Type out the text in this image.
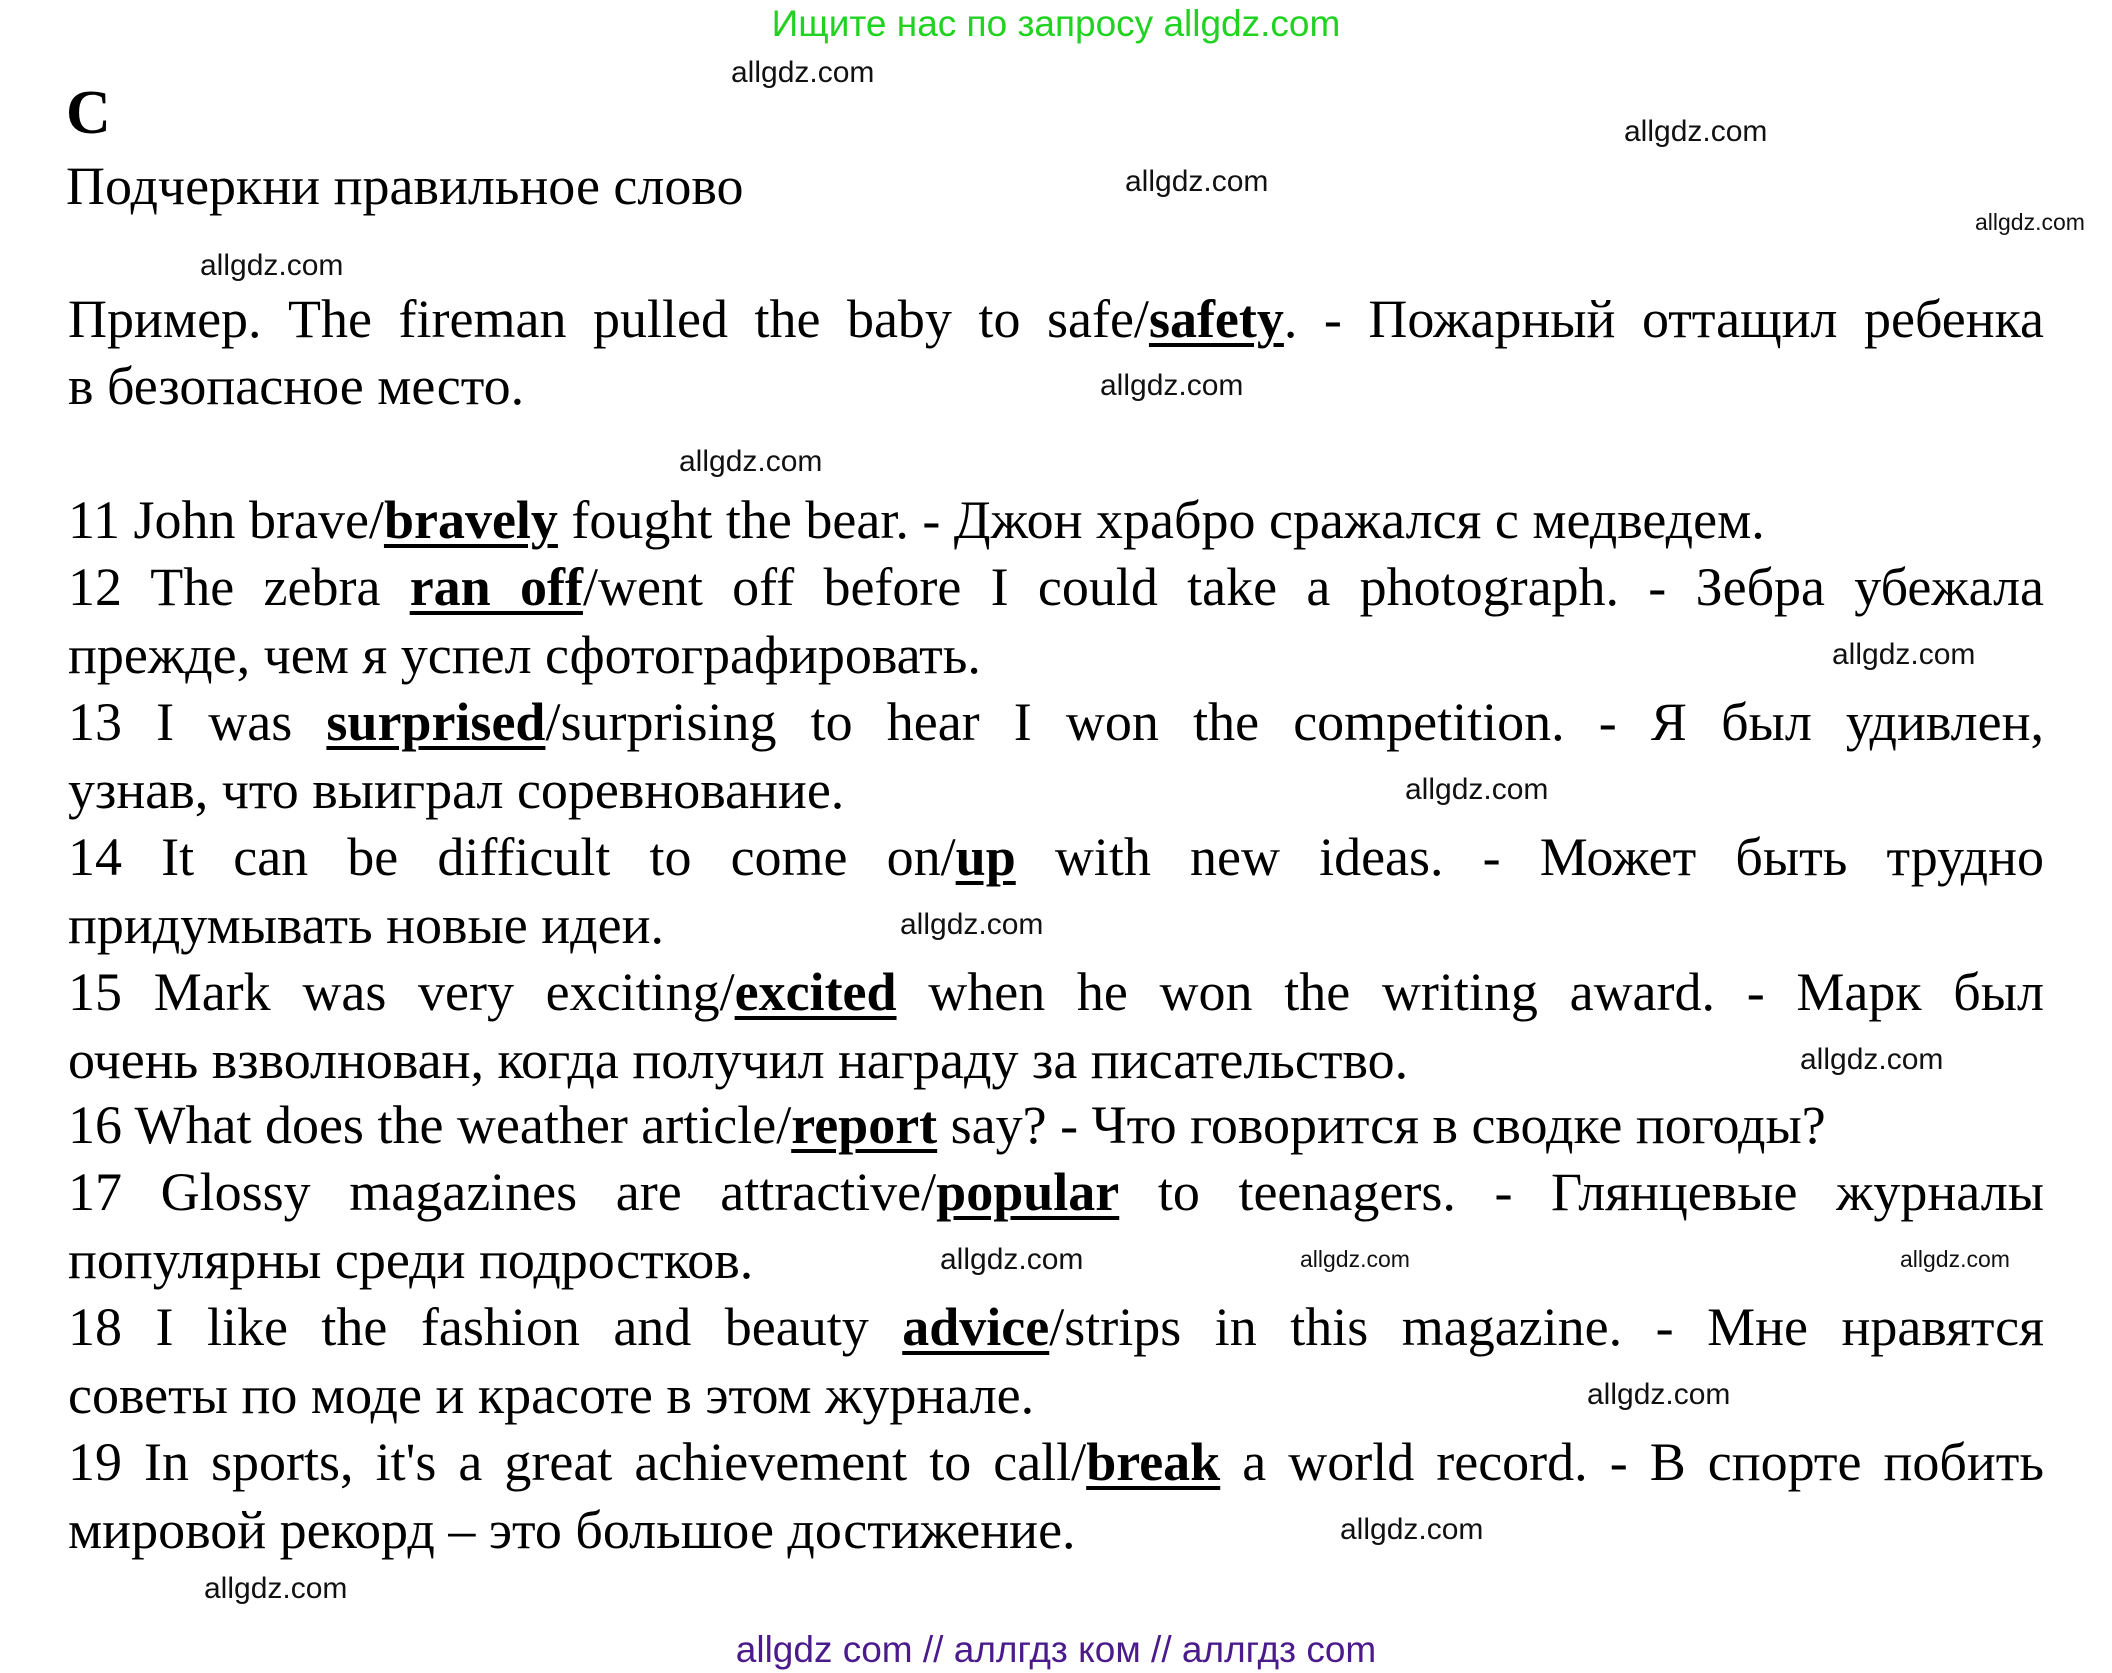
Ищите нас по запросу allgdz.com
C
Подчеркни правильное слово
Пример. The fireman pulled the baby to safe/safety. - Пожарный оттащил ребенка
в безопасное место.
11 John brave/bravely fought the bear. - Джон храбро сражался с медведем.
12 The zebra ran off/went off before I could take a photograph. - Зебра убежала
прежде, чем я успел сфотографировать.
13 I was surprised/surprising to hear I won the competition. - Я был удивлен,
узнав, что выиграл соревнование.
14 It can be difficult to come on/up with new ideas. - Может быть трудно
придумывать новые идеи.
15 Mark was very exciting/excited when he won the writing award. - Марк был
очень взволнован, когда получил награду за писательство.
16 What does the weather article/report say? - Что говорится в сводке погоды?
17 Glossy magazines are attractive/popular to teenagers. - Глянцевые журналы
популярны среди подростков.
18 I like the fashion and beauty advice/strips in this magazine. - Мне нравятся
советы по моде и красоте в этом журнале.
19 In sports, it's a great achievement to call/break a world record. - В спорте побить
мировой рекорд – это большое достижение.
allgdz.com
allgdz.com
allgdz.com
allgdz.com
allgdz.com
allgdz.com
allgdz.com
allgdz.com
allgdz.com
allgdz.com
allgdz.com
allgdz.com
allgdz.com	allgdz.com
allgdz.com
allgdz.com
allgdz.com
allgdz com // аллгдз ком // аллгдз com
